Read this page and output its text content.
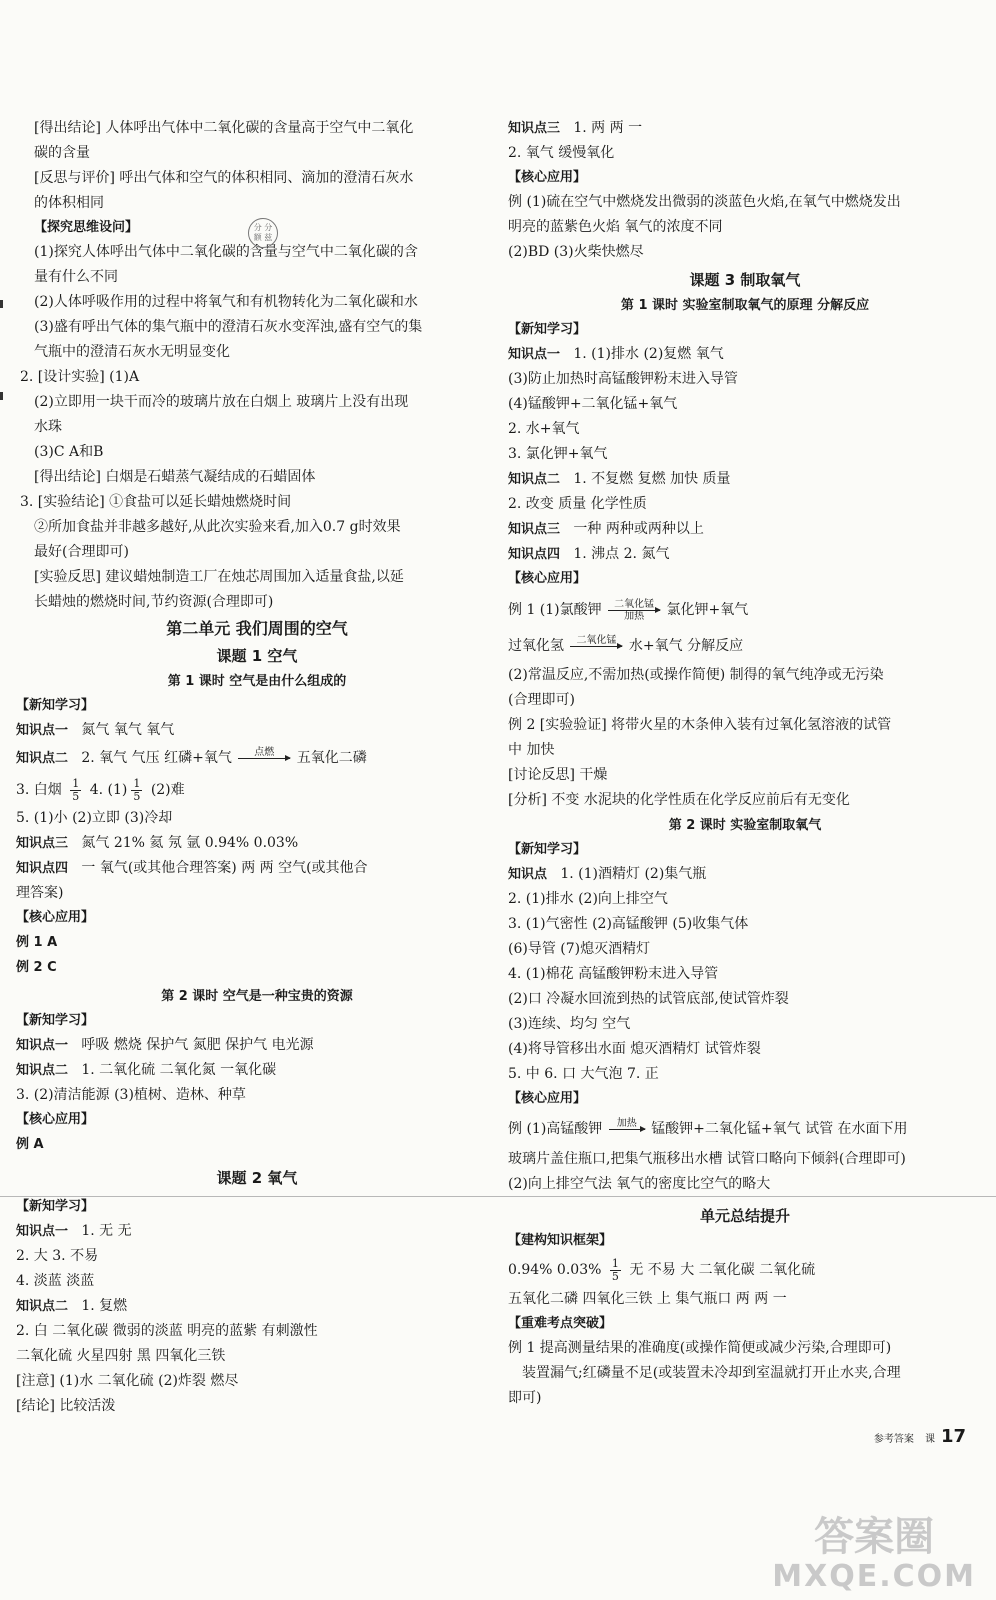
[得出结论] 人体呼出气体中二氧化碳的含量高于空气中二氧化
碳的含量
[反思与评价] 呼出气体和空气的体积相同、滴加的澄清石灰水
的体积相同
【探究思维设问】
(1)探究人体呼出气体中二氧化碳的含量与空气中二氧化碳的含
量有什么不同
(2)人体呼吸作用的过程中将氧气和有机物转化为二氧化碳和水
(3)盛有呼出气体的集气瓶中的澄清石灰水变浑浊,盛有空气的集
气瓶中的澄清石灰水无明显变化
2. [设计实验] (1)A
(2)立即用一块干而冷的玻璃片放在白烟上 玻璃片上没有出现
水珠
(3)C A和B
[得出结论] 白烟是石蜡蒸气凝结成的石蜡固体
3. [实验结论] ①食盐可以延长蜡烛燃烧时间
②所加食盐并非越多越好,从此次实验来看,加入0.7 g时效果
最好(合理即可)
[实验反思] 建议蜡烛制造工厂在烛芯周围加入适量食盐,以延
长蜡烛的燃烧时间,节约资源(合理即可)
第二单元 我们周围的空气
课题 1 空气
第 1 课时 空气是由什么组成的
【新知学习】
知识点一 氮气 氧气 氧气
知识点二 2. 氧气 气压 红磷+氧气	点燃
	五氧化二磷
3. 白烟 $\frac{1}{5} 4$. $(1) \frac{1}{5} (2)$难
5. (1)小 (2)立即 (3)冷却
知识点三 氮气 21% 氦 氖 氩 0.94% 0.03%
知识点四 一 氧气(或其他合理答案) 两 两 空气(或其他合
理答案)
【核心应用】
例 1 A
例 2 C
第 2 课时 空气是一种宝贵的资源
【新知学习】
知识点一 呼吸 燃烧 保护气 氮肥 保护气 电光源
知识点二 1. 二氧化硫 二氧化氮 一氧化碳
3. (2)清洁能源 (3)植树、造林、种草
【核心应用】
例 A
课题 2 氧气
【新知学习】
知识点一 1. 无 无
2. 大 3. 不易
4. 淡蓝 淡蓝
知识点二 1. 复燃
2. 白 二氧化碳 微弱的淡蓝 明亮的蓝紫 有刺激性
二氧化硫 火星四射 黑 四氧化三铁
[注意] (1)水 二氧化硫 (2)炸裂 燃尽
[结论] 比较活泼
分 分 额 兹
知识点三 1. 两 两 一
2. 氧气 缓慢氧化
【核心应用】
例 (1)硫在空气中燃烧发出微弱的淡蓝色火焰,在氧气中燃烧发出
明亮的蓝紫色火焰 氧气的浓度不同
(2)BD (3)火柴快燃尽
课题 3 制取氧气
第 1 课时 实验室制取氧气的原理 分解反应
【新知学习】
知识点一 1. (1)排水 (2)复燃 氧气
(3)防止加热时高锰酸钾粉末进入导管
(4)锰酸钾+二氧化锰+氧气
2. 水+氧气
3. 氯化钾+氧气
知识点二 1. 不复燃 复燃 加快 质量
2. 改变 质量 化学性质
知识点三 一种 两种或两种以上
知识点四 1. 沸点 2. 氮气
【核心应用】
例 1 (1)氯酸钾	二氧化锰
加热	氯化钾+氧气
过氧化氢	二氧化锰
水+氧气 分解反应
(2)常温反应,不需加热(或操作简便) 制得的氧气纯净或无污染
(合理即可)
例 2 [实验验证] 将带火星的木条伸入装有过氧化氢溶液的试管
中 加快
[讨论反思] 干燥
[分析] 不变 水泥块的化学性质在化学反应前后有无变化
第 2 课时 实验室制取氧气
【新知学习】
知识点 1. (1)酒精灯 (2)集气瓶
2. (1)排水 (2)向上排空气
3. (1)气密性 (2)高锰酸钾 (5)收集气体
(6)导管 (7)熄灭酒精灯
4. (1)棉花 高锰酸钾粉末进入导管
(2)口 冷凝水回流到热的试管底部,使试管炸裂
(3)连续、均匀 空气
(4)将导管移出水面 熄灭酒精灯 试管炸裂
5. 中 6. 口 大气泡 7. 正
【核心应用】
例 (1)高锰酸钾	加热
	锰酸钾+二氧化锰+氧气 试管 在水面下用
玻璃片盖住瓶口,把集气瓶移出水槽 试管口略向下倾斜(合理即可)
(2)向上排空气法 氧气的密度比空气的略大
单元总结提升
【建构知识框架】
0.94% $0.03\% \frac{1}{5}$ 无 不易 大 二氧化碳 二氧化硫
五氧化二磷 四氧化三铁 上 集气瓶口 两 两 一
【重难考点突破】
例 1 提高测量结果的准确度(或操作简便或减少污染,合理即可)
装置漏气;红磷量不足(或装置未冷却到室温就打开止水夹,合理
即可)
参考答案 课 17
答案圈
MXQE.COM
